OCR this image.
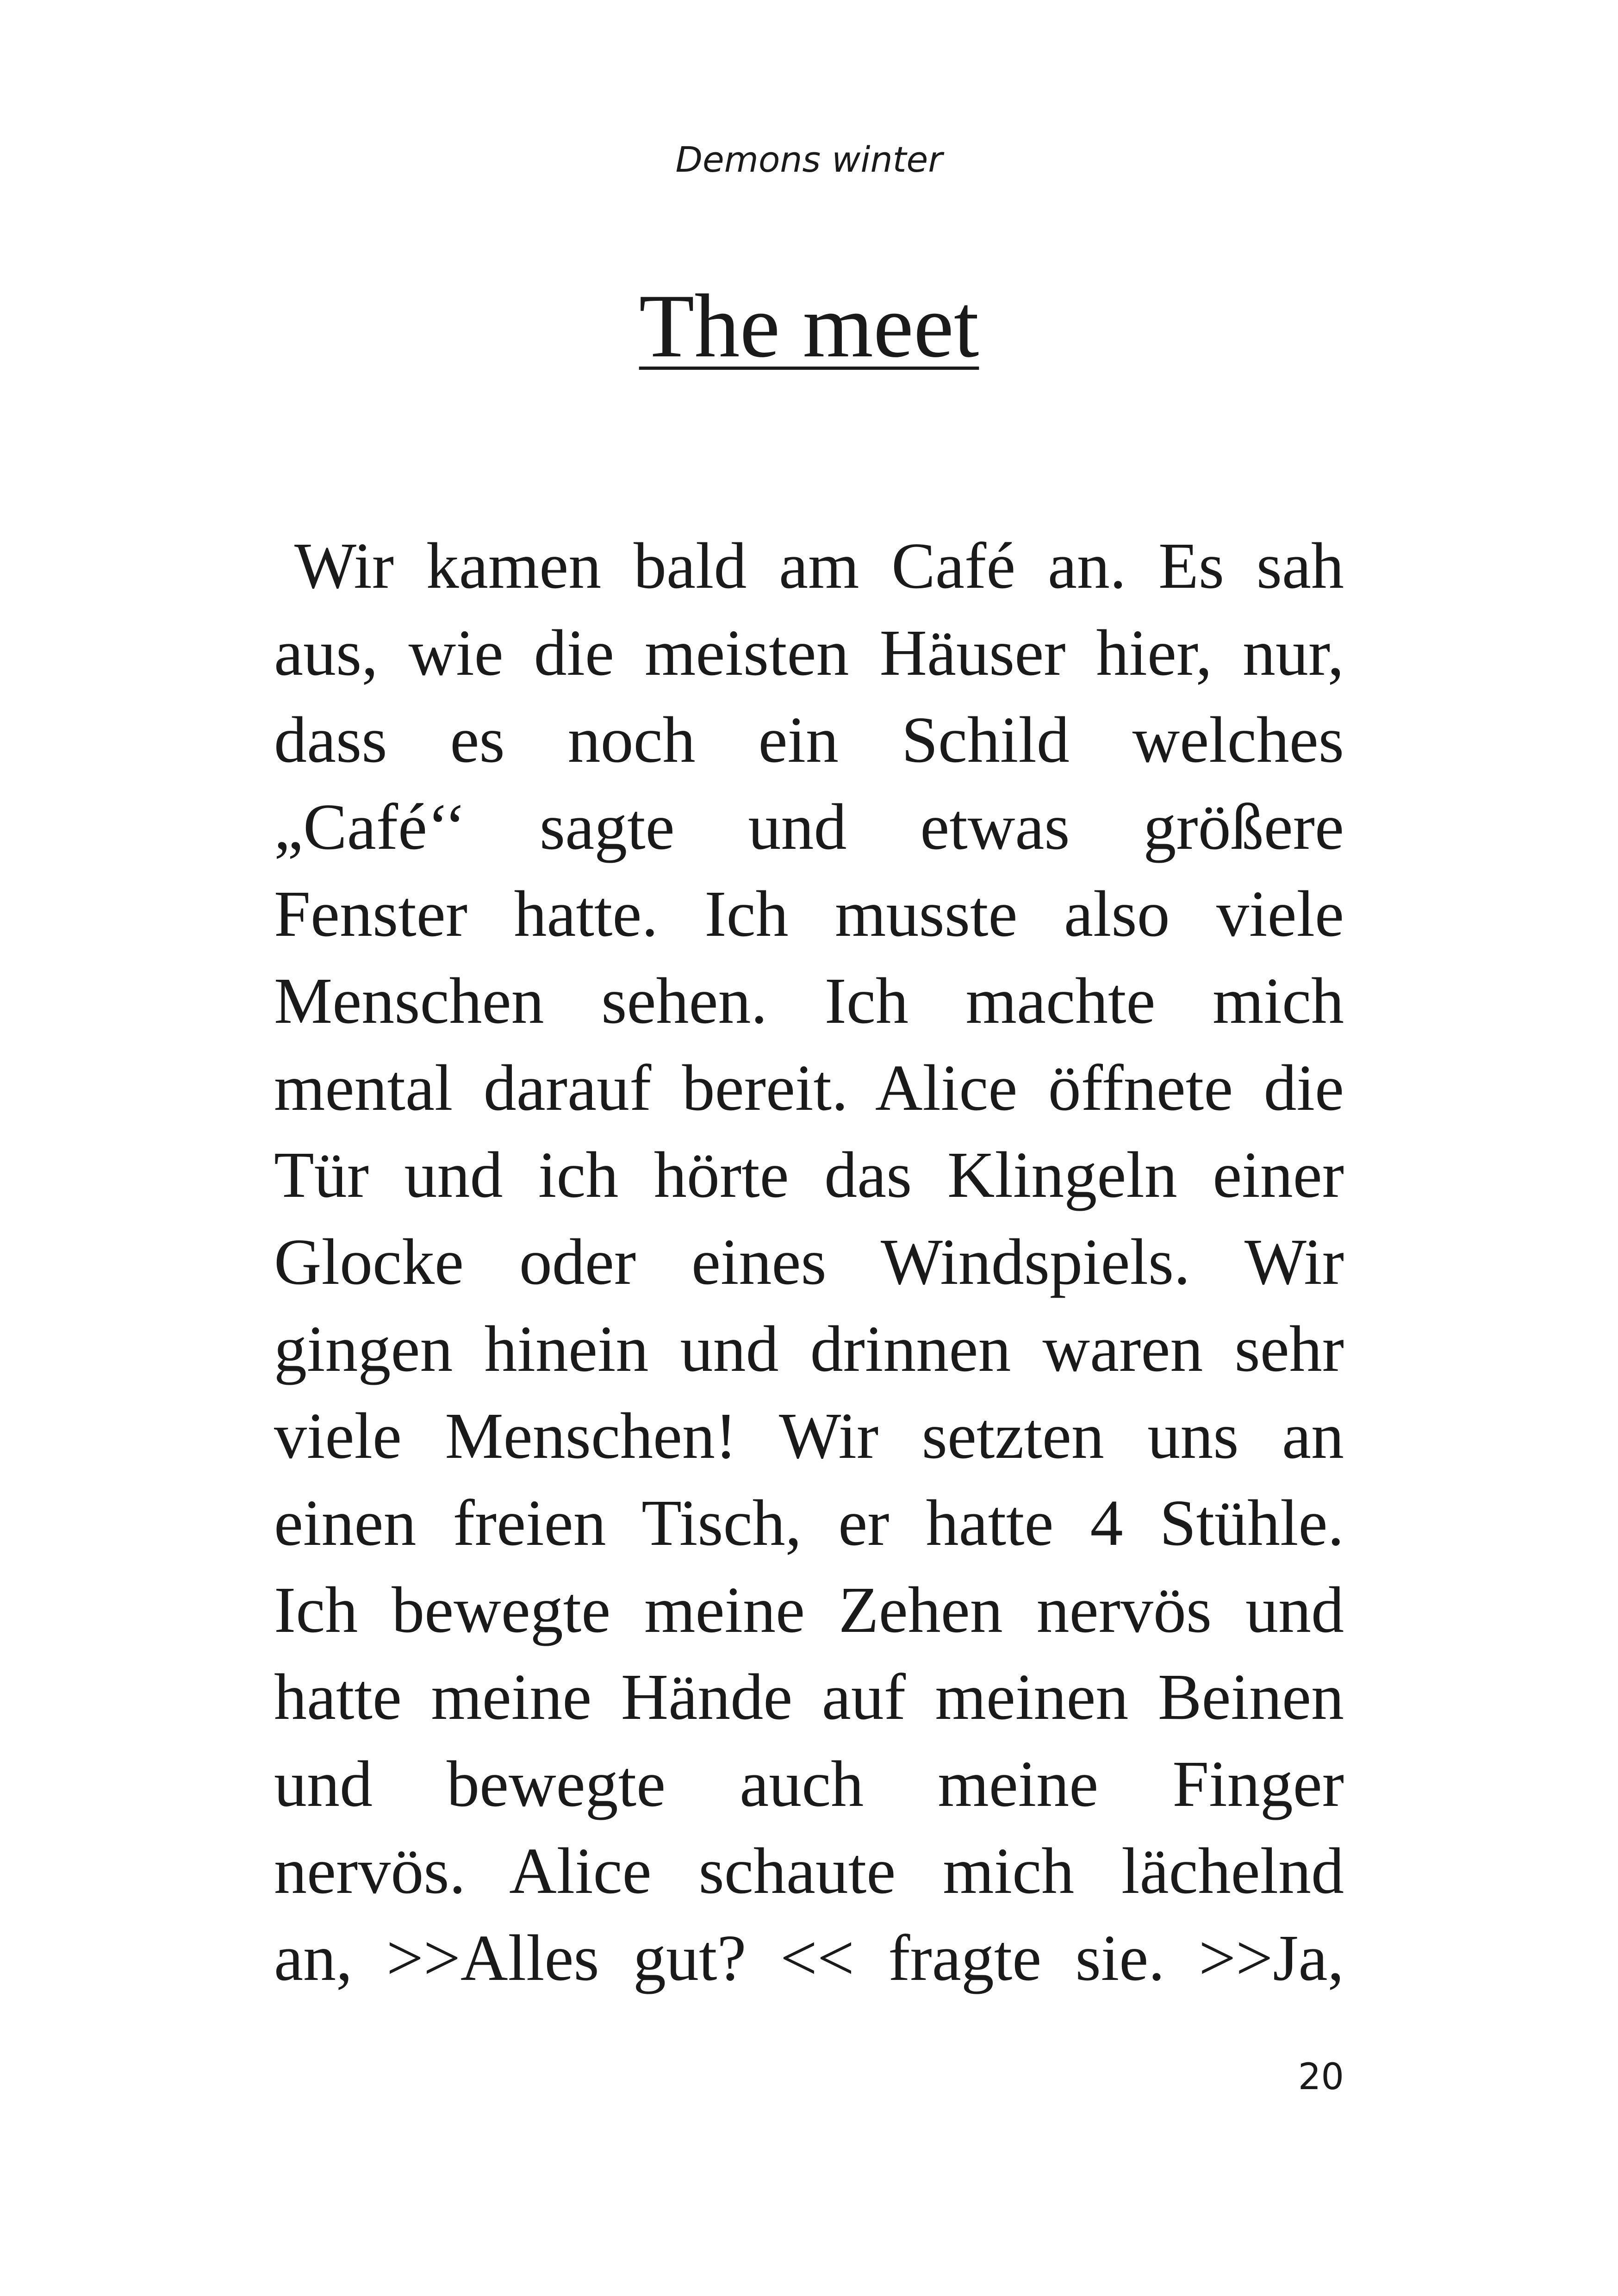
Demons winter

The meet
Wir kamen bald am Café an. Es sah
aus, wie die meisten Häuser hier, nur,
dass es noch ein Schild welches
„Café‘‘ sagte und etwas größere
Fenster hatte. Ich musste also viele
Menschen sehen. Ich machte mich
mental darauf bereit. Alice öffnete die
Tür und ich hörte das Klingeln einer
Glocke oder eines Windspiels. Wir
gingen hinein und drinnen waren sehr
viele Menschen! Wir setzten uns an
einen freien Tisch, er hatte 4 Stühle.
Ich bewegte meine Zehen nervös und
hatte meine Hände auf meinen Beinen
und bewegte auch meine Finger
nervös. Alice schaute mich lächelnd
an, >>Alles gut? << fragte sie. >>Ja,

20
